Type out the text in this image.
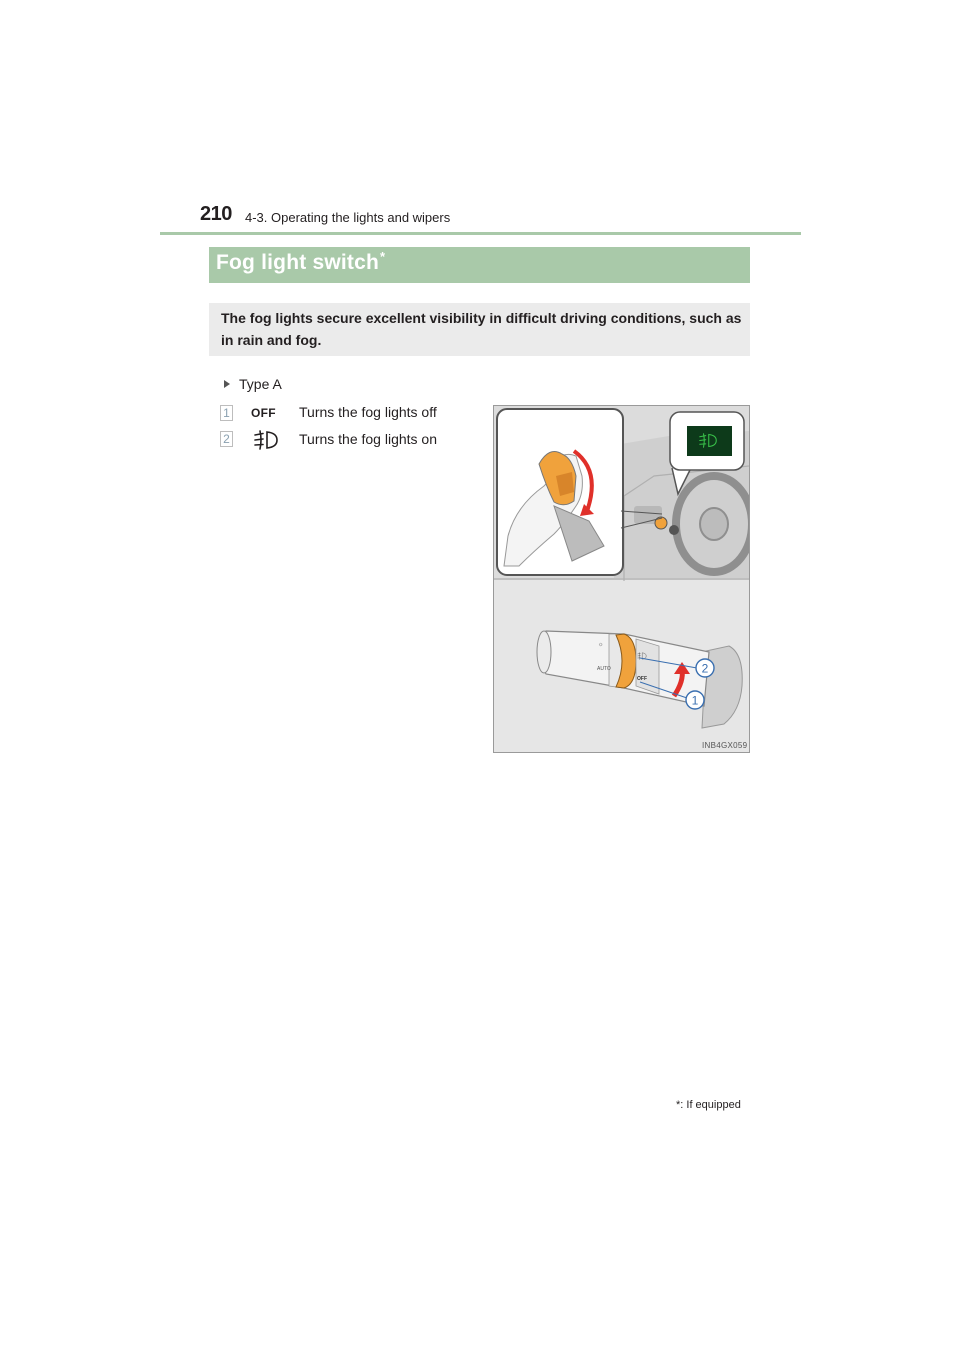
210 4-3. Operating the lights and wipers
Fog light switch*
The fog lights secure excellent visibility in difficult driving conditions, such as in rain and fog.
Type A
1 OFF Turns the fog lights off
2	Turns the fog lights on
☼
AUTO
OFF
2
1
INB4GX059
*: If equipped
